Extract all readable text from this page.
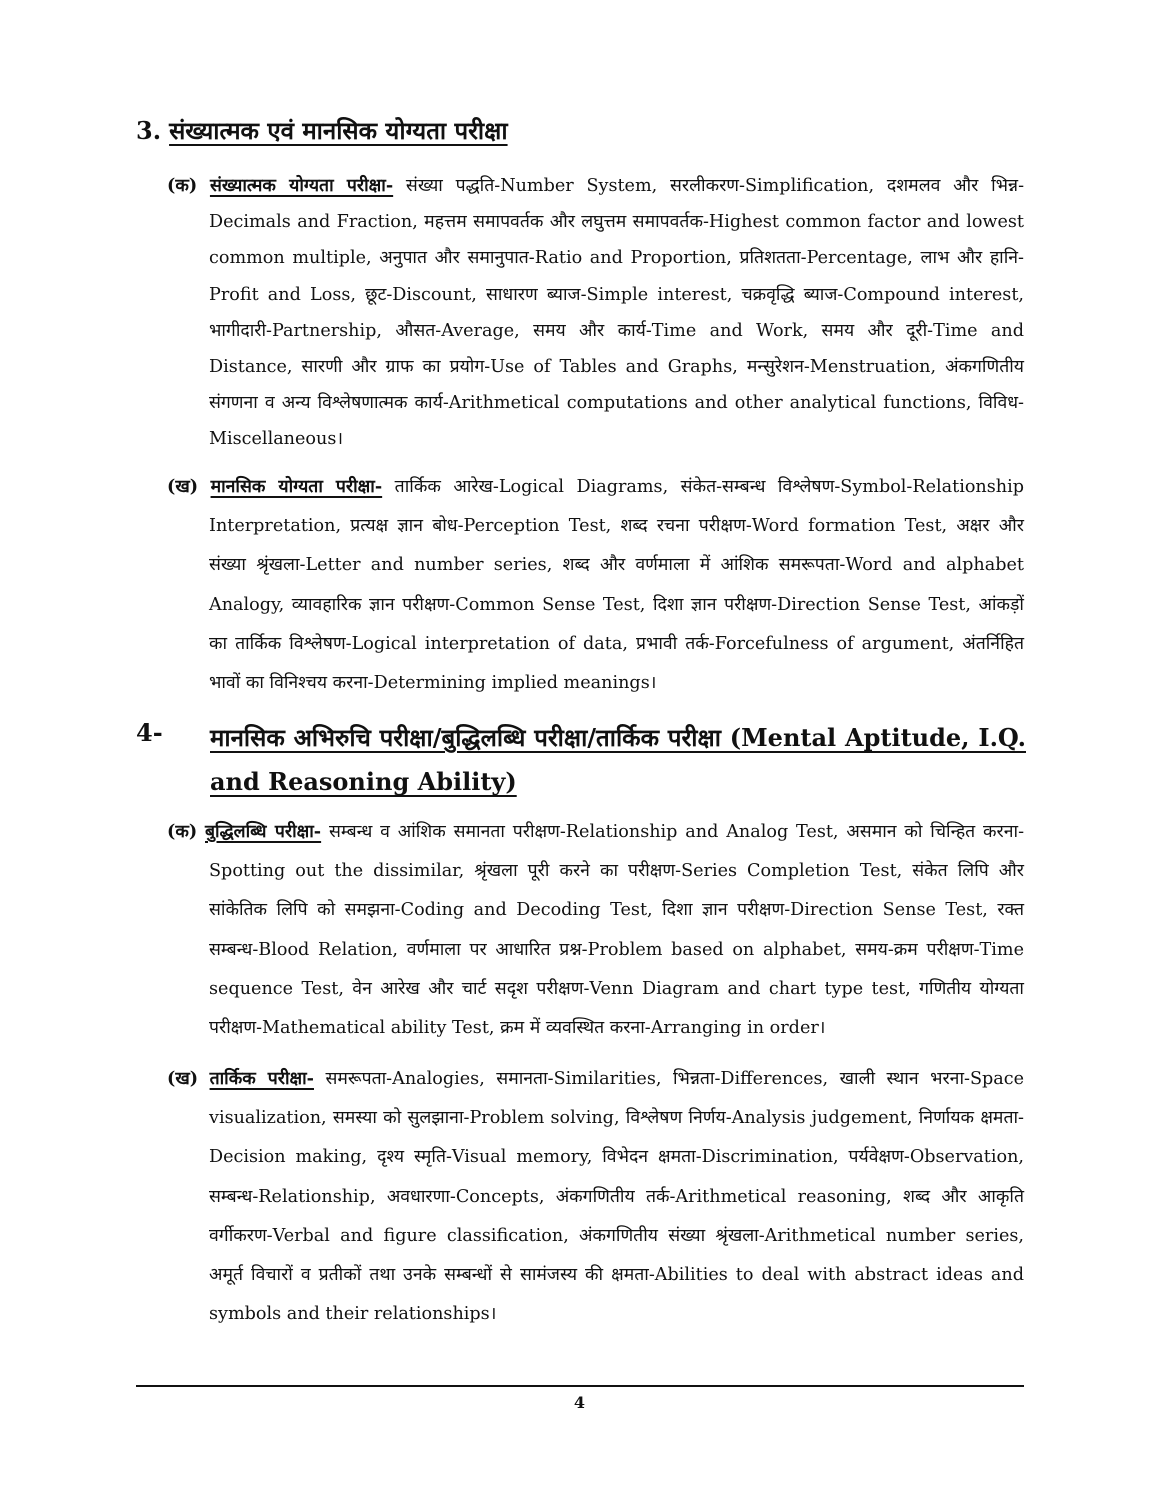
3. संख्यात्मक एवं मानसिक योग्यता परीक्षा

(क) संख्यात्मक योग्यता परीक्षा- संख्या पद्धति-Number System, सरलीकरण-Simplification, दशमलव और भिन्न-Decimals and Fraction, महत्तम समापवर्तक और लघुत्तम समापवर्तक-Highest common factor and lowest common multiple, अनुपात और समानुपात-Ratio and Proportion, प्रतिशतता-Percentage, लाभ और हानि-Profit and Loss, छूट-Discount, साधारण ब्याज-Simple interest, चक्रवृद्धि ब्याज-Compound interest, भागीदारी-Partnership, औसत-Average, समय और कार्य-Time and Work, समय और दूरी-Time and Distance, सारणी और ग्राफ का प्रयोग-Use of Tables and Graphs, मन्सुरेशन-Menstruation, अंकगणितीय संगणना व अन्य विश्लेषणात्मक कार्य-Arithmetical computations and other analytical functions, विविध-Miscellaneous।

(ख) मानसिक योग्यता परीक्षा- तार्किक आरेख-Logical Diagrams, संकेत-सम्बन्ध विश्लेषण-Symbol-Relationship Interpretation, प्रत्यक्ष ज्ञान बोध-Perception Test, शब्द रचना परीक्षण-Word formation Test, अक्षर और संख्या श्रृंखला-Letter and number series, शब्द और वर्णमाला में आंशिक समरूपता-Word and alphabet Analogy, व्यावहारिक ज्ञान परीक्षण-Common Sense Test, दिशा ज्ञान परीक्षण-Direction Sense Test, आंकड़ों का तार्किक विश्लेषण-Logical interpretation of data, प्रभावी तर्क-Forcefulness of argument, अंतर्निहित भावों का विनिश्चय करना-Determining implied meanings।

4- मानसिक अभिरुचि परीक्षा/बुद्धिलब्धि परीक्षा/तार्किक परीक्षा (Mental Aptitude, I.Q. and Reasoning Ability)

(क) बुद्धिलब्धि परीक्षा- सम्बन्ध व आंशिक समानता परीक्षण-Relationship and Analog Test, असमान को चिन्हित करना-Spotting out the dissimilar, श्रृंखला पूरी करने का परीक्षण-Series Completion Test, संकेत लिपि और सांकेतिक लिपि को समझना-Coding and Decoding Test, दिशा ज्ञान परीक्षण-Direction Sense Test, रक्त सम्बन्ध-Blood Relation, वर्णमाला पर आधारित प्रश्न-Problem based on alphabet, समय-क्रम परीक्षण-Time sequence Test, वेन आरेख और चार्ट सदृश परीक्षण-Venn Diagram and chart type test, गणितीय योग्यता परीक्षण-Mathematical ability Test, क्रम में व्यवस्थित करना-Arranging in order।

(ख) तार्किक परीक्षा- समरूपता-Analogies, समानता-Similarities, भिन्नता-Differences, खाली स्थान भरना-Space visualization, समस्या को सुलझाना-Problem solving, विश्लेषण निर्णय-Analysis judgement, निर्णायक क्षमता-Decision making, दृश्य स्मृति-Visual memory, विभेदन क्षमता-Discrimination, पर्यवेक्षण-Observation, सम्बन्ध-Relationship, अवधारणा-Concepts, अंकगणितीय तर्क-Arithmetical reasoning, शब्द और आकृति वर्गीकरण-Verbal and figure classification, अंकगणितीय संख्या श्रृंखला-Arithmetical number series, अमूर्त विचारों व प्रतीकों तथा उनके सम्बन्धों से सामंजस्य की क्षमता-Abilities to deal with abstract ideas and symbols and their relationships।

4
